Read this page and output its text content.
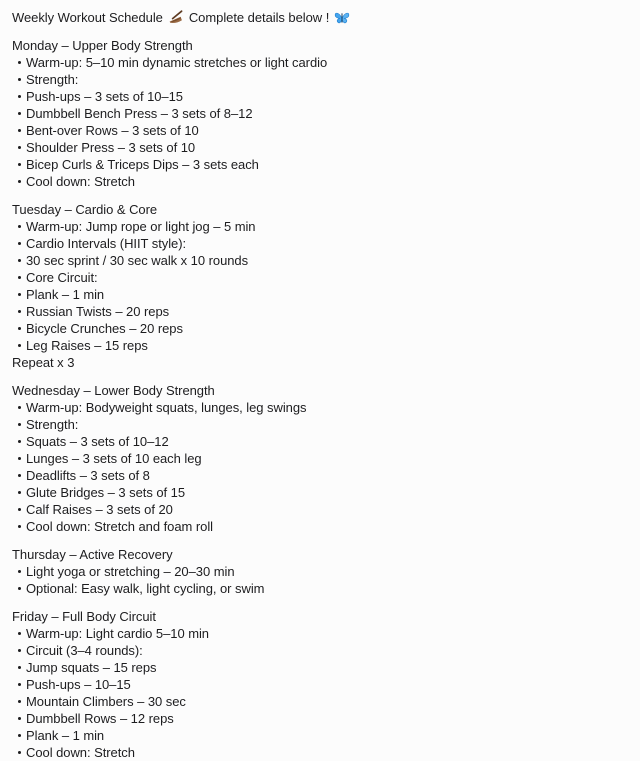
Weekly Workout Schedule Complete details below !
Monday – Upper Body Strength
Warm-up: 5–10 min dynamic stretches or light cardio
Strength:
Push-ups – 3 sets of 10–15
Dumbbell Bench Press – 3 sets of 8–12
Bent-over Rows – 3 sets of 10
Shoulder Press – 3 sets of 10
Bicep Curls & Triceps Dips – 3 sets each
Cool down: Stretch
Tuesday – Cardio & Core
Warm-up: Jump rope or light jog – 5 min
Cardio Intervals (HIIT style):
30 sec sprint / 30 sec walk x 10 rounds
Core Circuit:
Plank – 1 min
Russian Twists – 20 reps
Bicycle Crunches – 20 reps
Leg Raises – 15 reps
Repeat x 3
Wednesday – Lower Body Strength
Warm-up: Bodyweight squats, lunges, leg swings
Strength:
Squats – 3 sets of 10–12
Lunges – 3 sets of 10 each leg
Deadlifts – 3 sets of 8
Glute Bridges – 3 sets of 15
Calf Raises – 3 sets of 20
Cool down: Stretch and foam roll
Thursday – Active Recovery
Light yoga or stretching – 20–30 min
Optional: Easy walk, light cycling, or swim
Friday – Full Body Circuit
Warm-up: Light cardio 5–10 min
Circuit (3–4 rounds):
Jump squats – 15 reps
Push-ups – 10–15
Mountain Climbers – 30 sec
Dumbbell Rows – 12 reps
Plank – 1 min
Cool down: Stretch
